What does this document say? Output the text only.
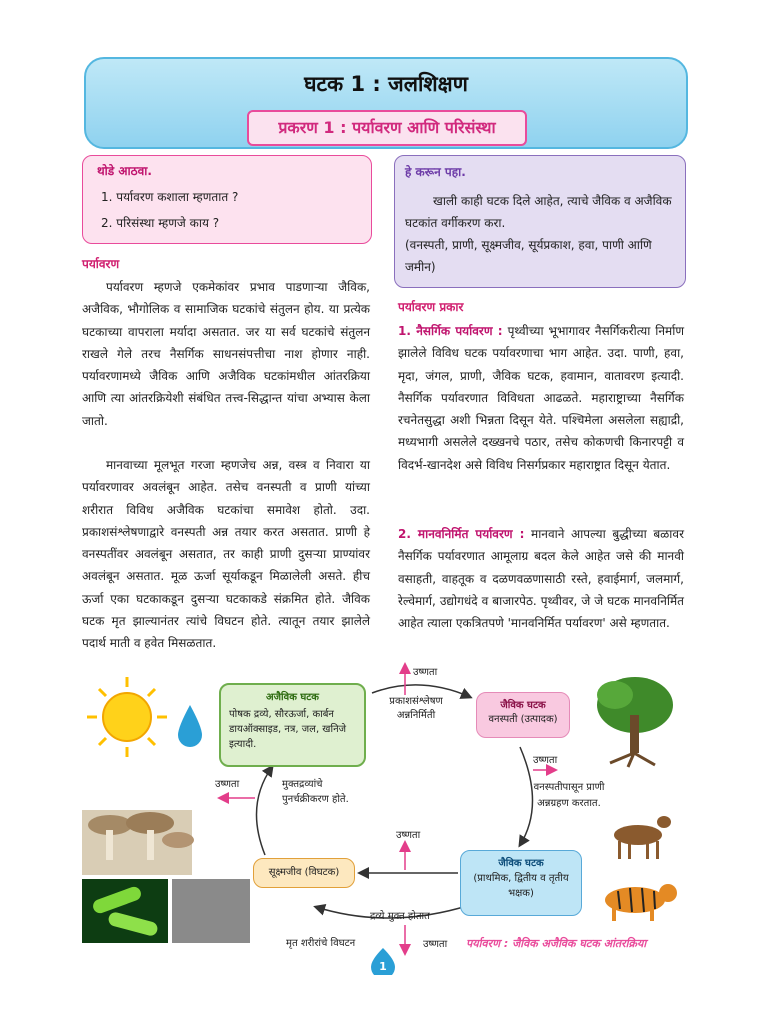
घटक 1 : जलशिक्षण
प्रकरण 1 : पर्यावरण आणि परिसंस्था
थोडे आठवा.
1. पर्यावरण कशाला म्हणतात ?
2. परिसंस्था म्हणजे काय ?
हे करून पहा.
खाली काही घटक दिले आहेत, त्याचे जैविक व अजैविक घटकांत वर्गीकरण करा.
(वनस्पती, प्राणी, सूक्ष्मजीव, सूर्यप्रकाश, हवा, पाणी आणि जमीन)
पर्यावरण
पर्यावरण म्हणजे एकमेकांवर प्रभाव पाडणाऱ्या जैविक, अजैविक, भौगोलिक व सामाजिक घटकांचे संतुलन होय. या प्रत्येक घटकाच्या वापराला मर्यादा असतात. जर या सर्व घटकांचे संतुलन राखले गेले तरच नैसर्गिक साधनसंपत्तीचा नाश होणार नाही. पर्यावरणामध्ये जैविक आणि अजैविक घटकांमधील आंतरक्रिया आणि त्या आंतरक्रियेशी संबंधित तत्त्व-सिद्धान्त यांचा अभ्यास केला जातो.
मानवाच्या मूलभूत गरजा म्हणजेच अन्न, वस्त्र व निवारा या पर्यावरणावर अवलंबून आहेत. तसेच वनस्पती व प्राणी यांच्या शरीरात विविध अजैविक घटकांचा समावेश होतो. उदा. प्रकाशसंश्लेषणाद्वारे वनस्पती अन्न तयार करत असतात. प्राणी हे वनस्पतींवर अवलंबून असतात, तर काही प्राणी दुसऱ्या प्राण्यांवर अवलंबून असतात. मूळ ऊर्जा सूर्याकडून मिळालेली असते. हीच ऊर्जा एका घटकाकडून दुसऱ्या घटकाकडे संक्रमित होते. जैविक घटक मृत झाल्यानंतर त्यांचे विघटन होते. त्यातून तयार झालेले पदार्थ माती व हवेत मिसळतात.
पर्यावरण प्रकार
1. नैसर्गिक पर्यावरण : पृथ्वीच्या भूभागावर नैसर्गिकरीत्या निर्माण झालेले विविध घटक पर्यावरणाचा भाग आहेत. उदा. पाणी, हवा, मृदा, जंगल, प्राणी, जैविक घटक, हवामान, वातावरण इत्यादी. नैसर्गिक पर्यावरणात विविधता आढळते. महाराष्ट्राच्या नैसर्गिक रचनेतसुद्धा अशी भिन्नता दिसून येते. पश्चिमेला असलेला सह्याद्री, मध्यभागी असलेले दख्खनचे पठार, तसेच कोकणची किनारपट्टी व विदर्भ-खानदेश असे विविध निसर्गप्रकार महाराष्ट्रात दिसून येतात.
2. मानवनिर्मित पर्यावरण : मानवाने आपल्या बुद्धीच्या बळावर नैसर्गिक पर्यावरणात आमूलाग्र बदल केले आहेत जसे की मानवी वसाहती, वाहतूक व दळणवळणासाठी रस्ते, हवाईमार्ग, जलमार्ग, रेल्वेमार्ग, उद्योगधंदे व बाजारपेठ. पृथ्वीवर, जे जे घटक मानवनिर्मित आहेत त्याला एकत्रितपणे 'मानवनिर्मित पर्यावरण' असे म्हणतात.
अजैविक घटक
पोषक द्रव्ये, सौरऊर्जा, कार्बन डायऑक्साइड, नत्र, जल, खनिजे इत्यादी.
प्रकाशसंश्लेषण
अन्ननिर्मिती
उष्णता
जैविक घटक
वनस्पती (उत्पादक)
उष्णता
वनस्पतीपासून प्राणी अन्नग्रहण करतात.
जैविक घटक
(प्राथमिक, द्वितीय व तृतीय भक्षक)
उष्णता
सूक्ष्मजीव (विघटक)
उष्णता	मुक्तद्रव्यांचे पुनर्चक्रीकरण होते.
द्रव्ये मुक्त होतात
मृत शरीरांचे विघटन	उष्णता
1
पर्यावरण : जैविक अजैविक घटक आंतरक्रिया
